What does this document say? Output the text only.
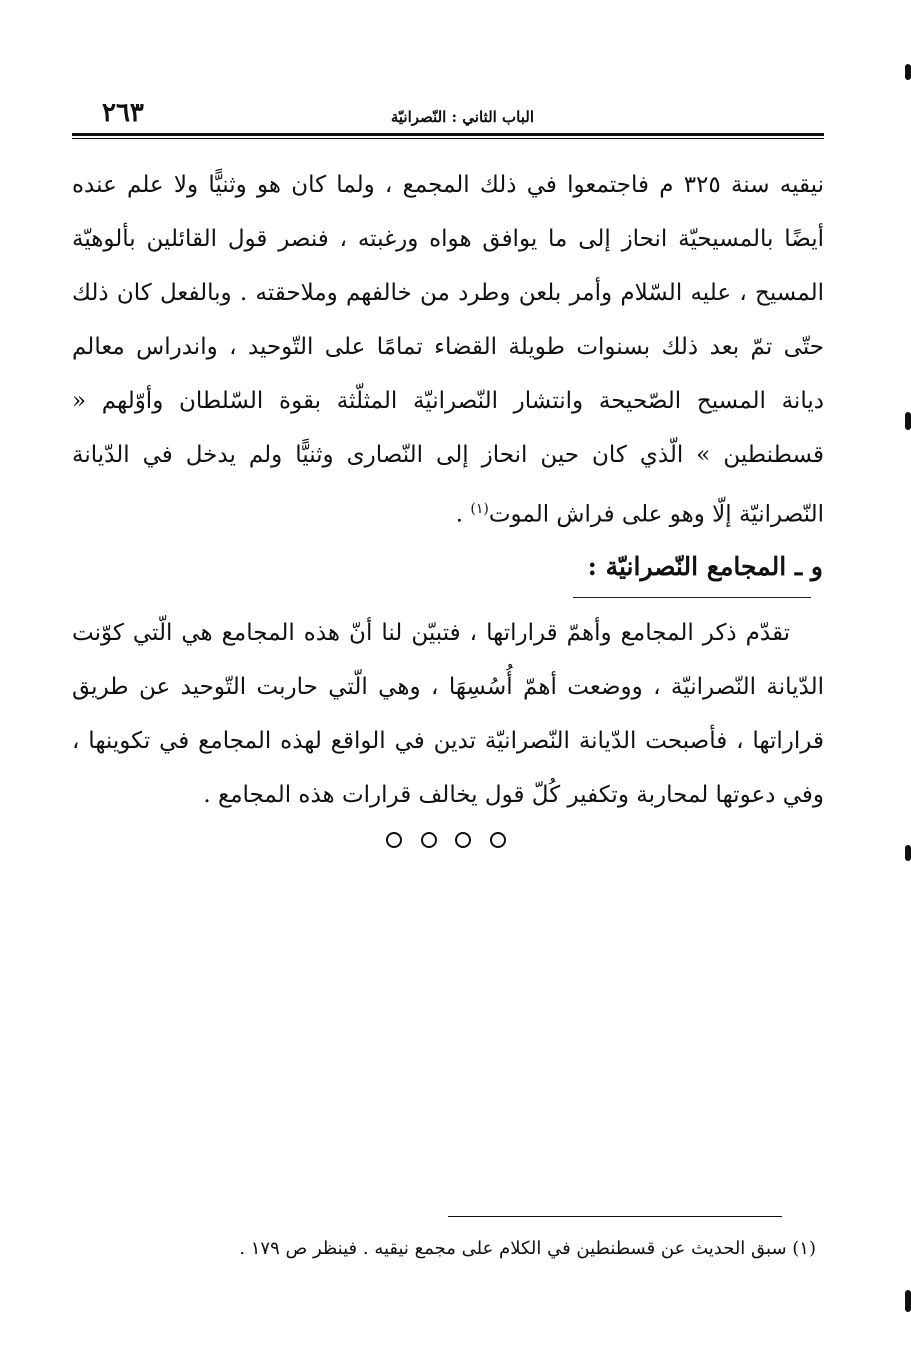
الباب الثاني : النّصرانيّة
٢٦٣
نيقيه سنة ٣٢٥ م فاجتمعوا في ذلك المجمع ، ولما كان هو وثنيًّا ولا علم عنده أيضًا بالمسيحيّة انحاز إلى ما يوافق هواه ورغبته ، فنصر قول القائلين بألوهيّة المسيح ، عليه السّلام وأمر بلعن وطرد من خالفهم وملاحقته . وبالفعل كان ذلك حتّى تمّ بعد ذلك بسنوات طويلة القضاء تمامًا على التّوحيد ، واندراس معالم ديانة المسيح الصّحيحة وانتشار النّصرانيّة المثلّثة بقوة السّلطان وأوّلهم « قسطنطين » الّذي كان حين انحاز إلى النّصارى وثنيًّا ولم يدخل في الدّيانة النّصرانيّة إلّا وهو على فراش الموت$^{(١)}$ .
و ـ المجامع النّصرانيّة :
تقدّم ذكر المجامع وأهمّ قراراتها ، فتبيّن لنا أنّ هذه المجامع هي الّتي كوّنت الدّيانة النّصرانيّة ، ووضعت أهمّ أُسُسِهَا ، وهي الّتي حاربت التّوحيد عن طريق قراراتها ، فأصبحت الدّيانة النّصرانيّة تدين في الواقع لهذه المجامع في تكوينها ، وفي دعوتها لمحاربة وتكفير كُلّ قول يخالف قرارات هذه المجامع .
(١) سبق الحديث عن قسطنطين في الكلام على مجمع نيقيه . فينظر ص ١٧٩ .
